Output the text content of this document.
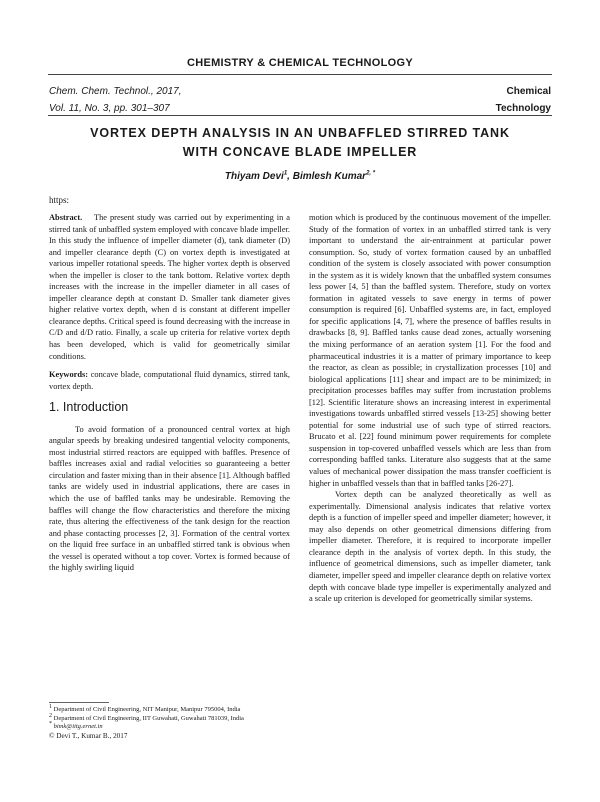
CHEMISTRY & CHEMICAL TECHNOLOGY
Chem. Chem. Technol., 2017,
Vol. 11, No. 3, pp. 301–307
Chemical
Technology
VORTEX DEPTH ANALYSIS IN AN UNBAFFLED STIRRED TANK
WITH CONCAVE BLADE IMPELLER
Thiyam Devi$^1$, Bimlesh Kumar$^{2, *}$
https:

Abstract. The present study was carried out by experimenting in a stirred tank of unbaffled system employed with concave blade impeller. In this study the influence of impeller diameter (d), tank diameter (D) and impeller clearance depth (C) on vortex depth is investigated at various impeller rotational speeds. The higher vortex depth is observed when the impeller is closer to the tank bottom. Relative vortex depth increases with the increase in the impeller diameter in all cases of impeller clearance depth at constant D. Smaller tank diameter gives higher relative vortex depth, when d is constant at different impeller clearance depths. Critical speed is found decreasing with the increase in C/D and d/D ratio. Finally, a scale up criteria for relative vortex depth has been developed, which is valid for geometrically similar conditions.

Keywords: concave blade, computational fluid dynamics, stirred tank, vortex depth.

1. Introduction

To avoid formation of a pronounced central vortex at high angular speeds by breaking undesired tangential velocity components, most industrial stirred reactors are equipped with baffles. Presence of baffles increases axial and radial velocities so guaranteeing a better circulation and faster mixing than in their absence [1]. Although baffled tanks are widely used in industrial applications, there are cases in which the use of baffled tanks may be undesirable. Removing the baffles will change the flow characteristics and therefore the mixing rate, thus altering the effectiveness of the tank design for the reaction and phase contacting processes [2, 3]. Formation of the central vortex on the liquid free surface in an unbaffled stirred tank is obvious when the vessel is operated without a top cover. Vortex is formed because of the highly swirling liquid

motion which is produced by the continuous movement of the impeller. Study of the formation of vortex in an unbaffled stirred tank is very important to understand the air-entrainment at particular power consumption. So, study of vortex formation caused by an unbaffled condition of the system is closely associated with power consumption in the system as it is widely known that the unbaffled system consumes less power [4, 5] than the baffled system. Therefore, study on vortex formation in agitated vessels to save energy in terms of power consumption is required [6]. Unbaffled systems are, in fact, employed for specific applications [4, 7], where the presence of baffles results in drawbacks [8, 9]. Baffled tanks cause dead zones, actually worsening the mixing performance of an aeration system [1]. For the food and pharmaceutical industries it is a matter of primary importance to keep the reactor, as clean as possible; in crystallization processes [10] and biological applications [11] shear and impact are to be minimized; in precipitation processes baffles may suffer from incrustation problems [12]. Scientific literature shows an increasing interest in experimental investigations towards unbaffled stirred vessels [13-25] showing better potential for some industrial use of such type of stirred reactors. Brucato et al. [22] found minimum power requirements for complete suspension in top-covered unbaffled vessels which are less than from corresponding baffled tanks. Literature also suggests that at the same values of mechanical power dissipation the mass transfer coefficient is higher in unbaffled vessels than that in baffled tanks [26-27].

Vortex depth can be analyzed theoretically as well as experimentally. Dimensional analysis indicates that relative vortex depth is a function of impeller speed and impeller diameter; however, it may also depends on other geometrical dimensions differing from impeller diameter. Therefore, it is required to incorporate impeller clearance depth in the analysis of vortex depth. In this study, the influence of geometrical dimensions, such as impeller diameter, tank diameter, impeller speed and impeller clearance depth on relative vortex depth with concave blade type impeller is experimentally analyzed and a scale up criterion is developed for geometrically similar systems.

$^1$ Department of Civil Engineering, NIT Manipur, Manipur 795004, India
$^2$ Department of Civil Engineering, IIT Guwahati, Guwahati 781039, India
* bimk@iitg.ernet.in
© Devi T., Kumar B., 2017
